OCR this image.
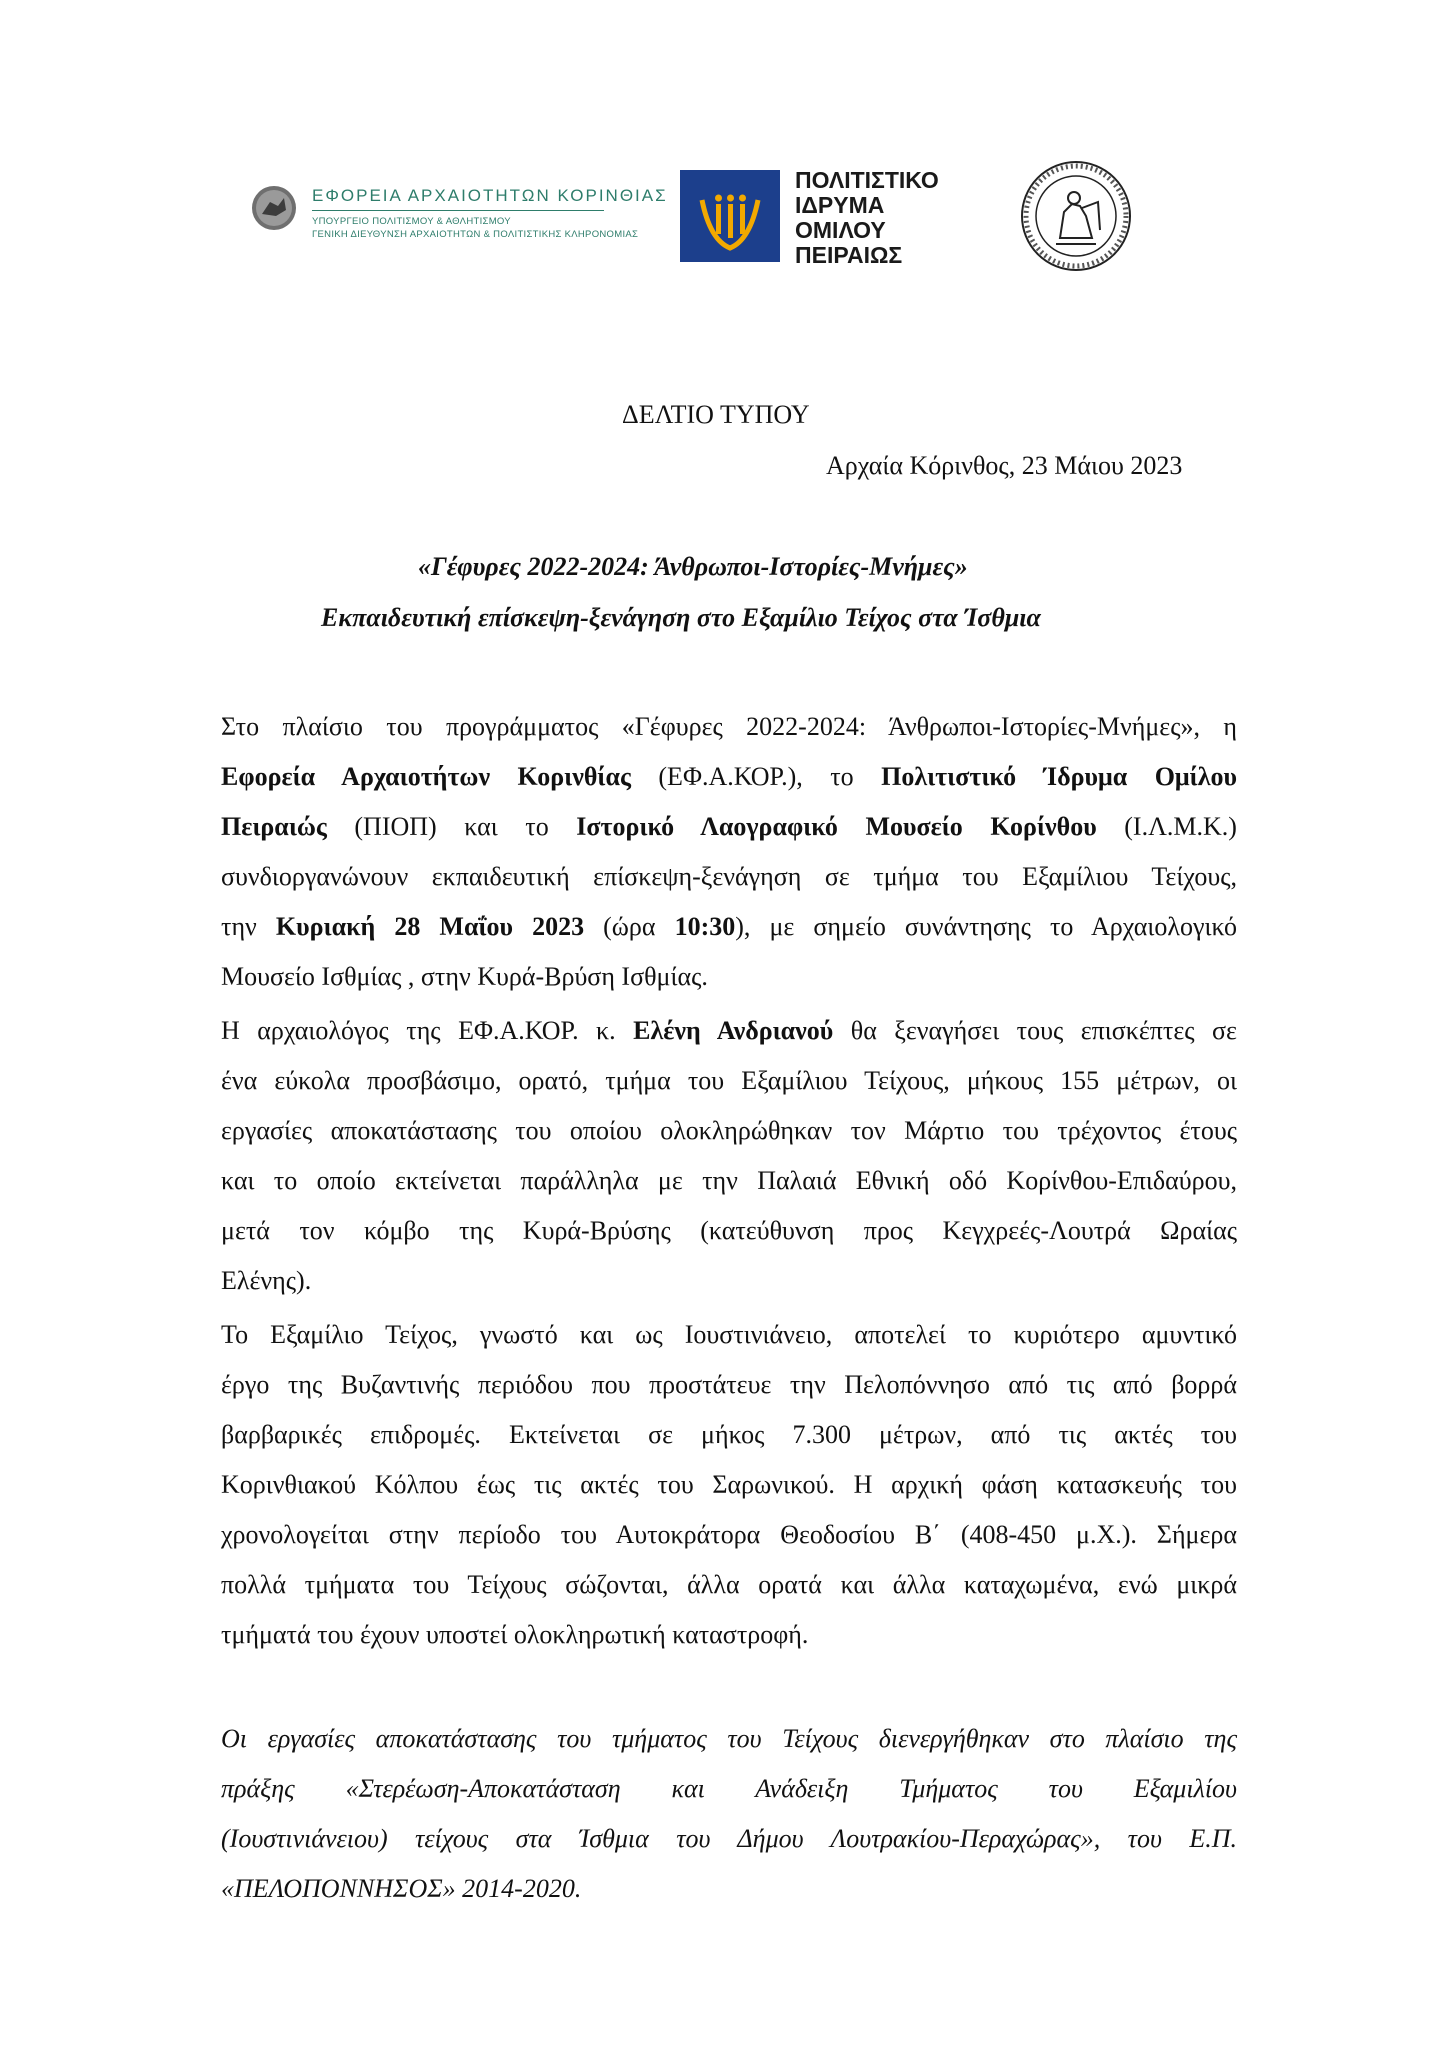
ΕΦΟΡΕΙΑ ΑΡΧΑΙΟΤΗΤΩΝ ΚΟΡΙΝΘΙΑΣ
ΥΠΟΥΡΓΕΙΟ ΠΟΛΙΤΙΣΜΟΥ & ΑΘΛΗΤΙΣΜΟΥ
ΓΕΝΙΚΗ ΔΙΕΥΘΥΝΣΗ ΑΡΧΑΙΟΤΗΤΩΝ & ΠΟΛΙΤΙΣΤΙΚΗΣ ΚΛΗΡΟΝΟΜΙΑΣ
ΠΟΛΙΤΙΣΤΙΚΟ
ΙΔΡΥΜΑ
ΟΜΙΛΟΥ
ΠΕΙΡΑΙΩΣ
ΔΕΛΤΙΟ ΤΥΠΟΥ
Αρχαία Κόρινθος, 23 Μάιου 2023
«Γέφυρες 2022-2024: Άνθρωποι-Ιστορίες-Μνήμες»
Εκπαιδευτική επίσκεψη-ξενάγηση στο Εξαμίλιο Τείχος στα Ίσθμια
Στο πλαίσιο του προγράμματος «Γέφυρες 2022-2024: Άνθρωποι-Ιστορίες-Μνήμες», η
Εφορεία Αρχαιοτήτων Κορινθίας (ΕΦ.Α.ΚΟΡ.), το Πολιτιστικό Ίδρυμα Ομίλου
Πειραιώς (ΠΙΟΠ) και το Ιστορικό Λαογραφικό Μουσείο Κορίνθου (Ι.Λ.Μ.Κ.)
συνδιοργανώνουν εκπαιδευτική επίσκεψη-ξενάγηση σε τμήμα του Εξαμίλιου Τείχους,
την Κυριακή 28 Μαΐου 2023 (ώρα 10:30), με σημείο συνάντησης το Αρχαιολογικό
Μουσείο Ισθμίας , στην Κυρά-Βρύση Ισθμίας.
Η αρχαιολόγος της ΕΦ.Α.ΚΟΡ. κ. Ελένη Ανδριανού θα ξεναγήσει τους επισκέπτες σε
ένα εύκολα προσβάσιμο, ορατό, τμήμα του Εξαμίλιου Τείχους, μήκους 155 μέτρων, οι
εργασίες αποκατάστασης του οποίου ολοκληρώθηκαν τον Μάρτιο του τρέχοντος έτους
και το οποίο εκτείνεται παράλληλα με την Παλαιά Εθνική οδό Κορίνθου-Επιδαύρου,
μετά τον κόμβο της Κυρά-Βρύσης (κατεύθυνση προς Κεγχρεές-Λουτρά Ωραίας
Ελένης).
Το Εξαμίλιο Τείχος, γνωστό και ως Ιουστινιάνειο, αποτελεί το κυριότερο αμυντικό
έργο της Βυζαντινής περιόδου που προστάτευε την Πελοπόννησο από τις από βορρά
βαρβαρικές επιδρομές. Εκτείνεται σε μήκος 7.300 μέτρων, από τις ακτές του
Κορινθιακού Κόλπου έως τις ακτές του Σαρωνικού. Η αρχική φάση κατασκευής του
χρονολογείται στην περίοδο του Αυτοκράτορα Θεοδοσίου Β΄ (408-450 μ.Χ.). Σήμερα
πολλά τμήματα του Τείχους σώζονται, άλλα ορατά και άλλα καταχωμένα, ενώ μικρά
τμήματά του έχουν υποστεί ολοκληρωτική καταστροφή.
Οι εργασίες αποκατάστασης του τμήματος του Τείχους διενεργήθηκαν στο πλαίσιο της
πράξης «Στερέωση-Αποκατάσταση και Ανάδειξη Τμήματος του Εξαμιλίου
(Ιουστινιάνειου) τείχους στα Ίσθμια του Δήμου Λουτρακίου-Περαχώρας», του Ε.Π.
«ΠΕΛΟΠΟΝΝΗΣΟΣ» 2014-2020.
